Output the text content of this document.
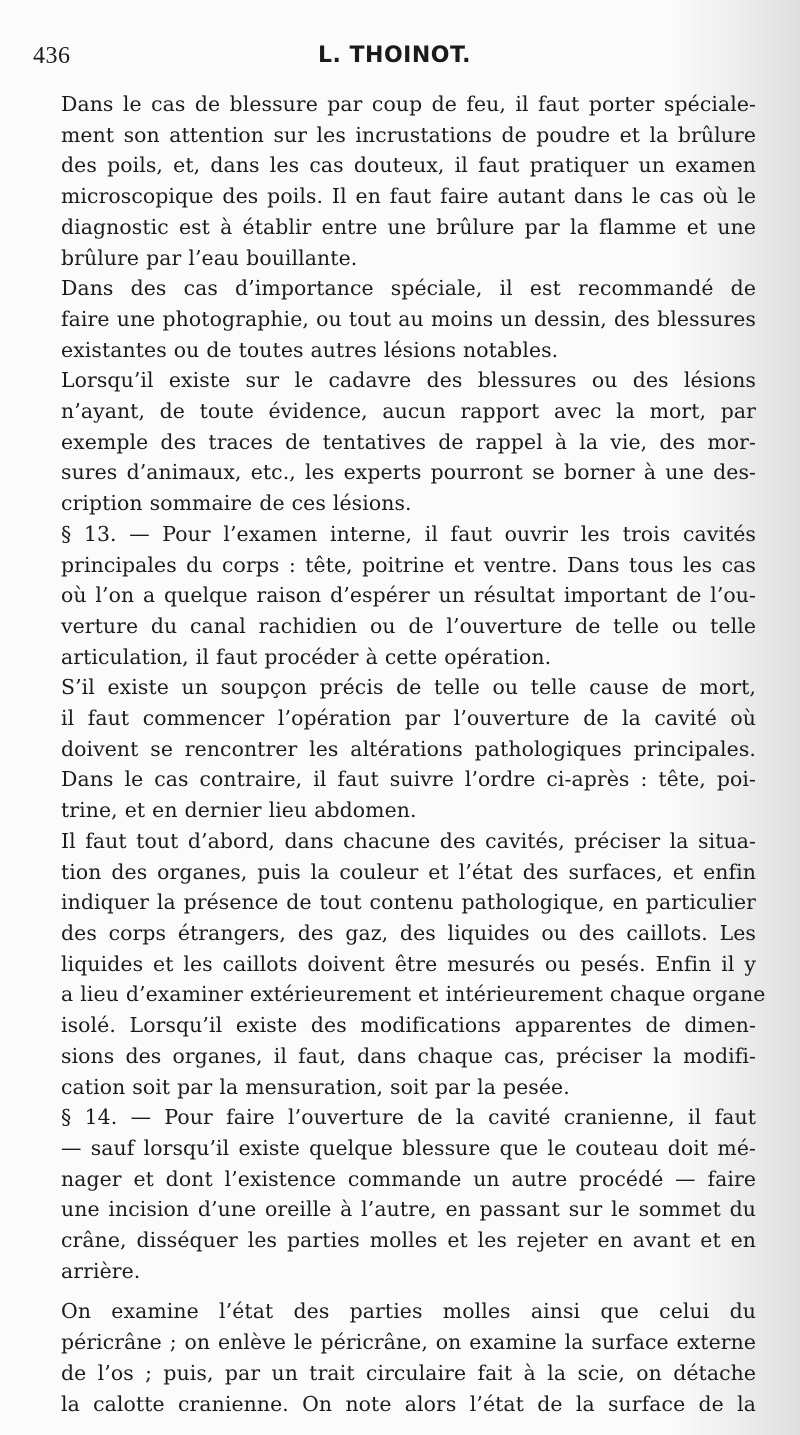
436	L. THOINOT.
Dans le cas de blessure par coup de feu, il faut porter spéciale-
ment son attention sur les incrustations de poudre et la brûlure
des poils, et, dans les cas douteux, il faut pratiquer un examen
microscopique des poils. Il en faut faire autant dans le cas où le
diagnostic est à établir entre une brûlure par la flamme et une
brûlure par l’eau bouillante.
Dans des cas d’importance spéciale, il est recommandé de
faire une photographie, ou tout au moins un dessin, des blessures
existantes ou de toutes autres lésions notables.
Lorsqu’il existe sur le cadavre des blessures ou des lésions
n’ayant, de toute évidence, aucun rapport avec la mort, par
exemple des traces de tentatives de rappel à la vie, des mor-
sures d’animaux, etc., les experts pourront se borner à une des-
cription sommaire de ces lésions.
§ 13. — Pour l’examen interne, il faut ouvrir les trois cavités
principales du corps : tête, poitrine et ventre. Dans tous les cas
où l’on a quelque raison d’espérer un résultat important de l’ou-
verture du canal rachidien ou de l’ouverture de telle ou telle
articulation, il faut procéder à cette opération.
S’il existe un soupçon précis de telle ou telle cause de mort,
il faut commencer l’opération par l’ouverture de la cavité où
doivent se rencontrer les altérations pathologiques principales.
Dans le cas contraire, il faut suivre l’ordre ci-après : tête, poi-
trine, et en dernier lieu abdomen.
Il faut tout d’abord, dans chacune des cavités, préciser la situa-
tion des organes, puis la couleur et l’état des surfaces, et enfin
indiquer la présence de tout contenu pathologique, en particulier
des corps étrangers, des gaz, des liquides ou des caillots. Les
liquides et les caillots doivent être mesurés ou pesés. Enfin il y
a lieu d’examiner extérieurement et intérieurement chaque organe
isolé. Lorsqu’il existe des modifications apparentes de dimen-
sions des organes, il faut, dans chaque cas, préciser la modifi-
cation soit par la mensuration, soit par la pesée.
§ 14. — Pour faire l’ouverture de la cavité cranienne, il faut
— sauf lorsqu’il existe quelque blessure que le couteau doit mé-
nager et dont l’existence commande un autre procédé — faire
une incision d’une oreille à l’autre, en passant sur le sommet du
crâne, disséquer les parties molles et les rejeter en avant et en
arrière.
On examine l’état des parties molles ainsi que celui du
péricrâne ; on enlève le péricrâne, on examine la surface externe
de l’os ; puis, par un trait circulaire fait à la scie, on détache
la calotte cranienne. On note alors l’état de la surface de la
